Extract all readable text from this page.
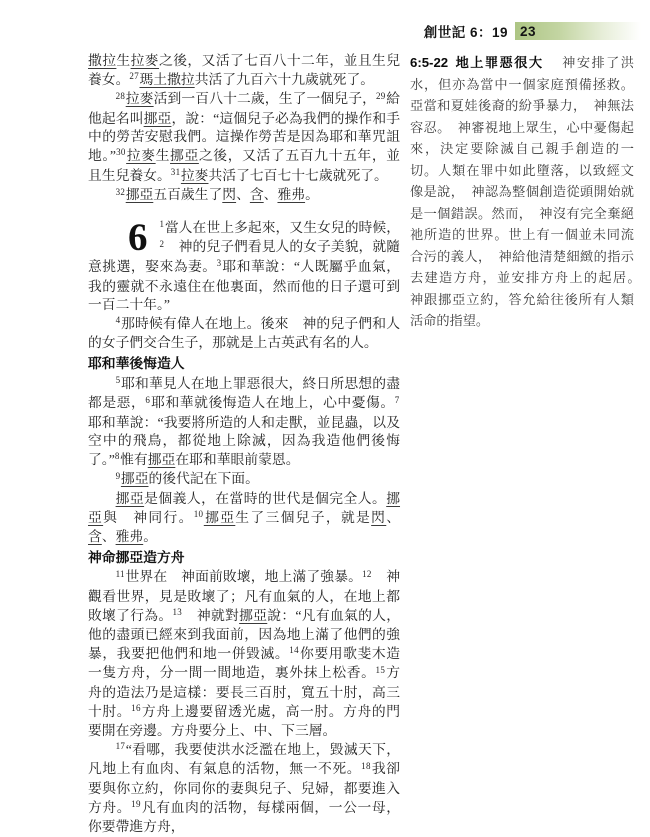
創世記 6：19 23

撒拉生拉麥之後，又活了七百八十二年，並且生兒養女。$^{27}$瑪土撒拉共活了九百六十九歲就死了。

$^{28}$拉麥活到一百八十二歲，生了一個兒子，$^{29}$給他起名叫挪亞，說：“這個兒子必為我們的操作和手中的勞苦安慰我們。這操作勞苦是因為耶和華咒詛地。”$^{30}$拉麥生挪亞之後，又活了五百九十五年，並且生兒養女。$^{31}$拉麥共活了七百七十七歲就死了。

$^{32}$挪亞五百歲生了閃、含、雅弗。

6 $^1$當人在世上多起來，又生女兒的時候，$^2$　神的兒子們看見人的女子美貌，就隨意挑選，娶來為妻。$^3$耶和華說：“人既屬乎血氣，我的靈就不永遠住在他裏面，然而他的日子還可到一百二十年。”

$^4$那時候有偉人在地上。後來　神的兒子們和人的女子們交合生子，那就是上古英武有名的人。

耶和華後悔造人

$^5$耶和華見人在地上罪惡很大，終日所思想的盡都是惡，$^6$耶和華就後悔造人在地上，心中憂傷。$^7$耶和華說：“我要將所造的人和走獸，並昆蟲，以及空中的飛鳥，都從地上除滅，因為我造他們後悔了。”$^8$惟有挪亞在耶和華眼前蒙恩。

$^9$挪亞的後代記在下面。

挪亞是個義人，在當時的世代是個完全人。挪亞與　神同行。$^{10}$挪亞生了三個兒子，就是閃、含、雅弗。

神命挪亞造方舟

$^{11}$世界在　神面前敗壞，地上滿了強暴。$^{12}$　神觀看世界，見是敗壞了；凡有血氣的人，在地上都敗壞了行為。$^{13}$　神就對挪亞說：“凡有血氣的人，他的盡頭已經來到我面前，因為地上滿了他們的強暴，我要把他們和地一併毀滅。$^{14}$你要用歌斐木造一隻方舟，分一間一間地造，裏外抹上松香。$^{15}$方舟的造法乃是這樣：要長三百肘，寬五十肘，高三十肘。$^{16}$方舟上邊要留透光處，高一肘。方舟的門要開在旁邊。方舟要分上、中、下三層。

$^{17}$“看哪，我要使洪水泛濫在地上，毀滅天下，凡地上有血肉、有氣息的活物，無一不死。$^{18}$我卻要與你立約，你同你的妻與兒子、兒婦，都要進入方舟。$^{19}$凡有血肉的活物，每樣兩個，一公一母，你要帶進方舟，

6:5-22 地上罪惡很大　神安排了洪水，但亦為當中一個家庭預備拯救。亞當和夏娃後裔的紛爭暴力，　神無法容忍。　神審視地上眾生，心中憂傷起來，決定要除滅自己親手創造的一切。人類在罪中如此墮落，以致經文像是說，　神認為整個創造從頭開始就是一個錯誤。然而，　神沒有完全棄絕祂所造的世界。世上有一個並未同流合污的義人，　神給他清楚細緻的指示去建造方舟，並安排方舟上的起居。　神跟挪亞立約，答允給往後所有人類活命的指望。
